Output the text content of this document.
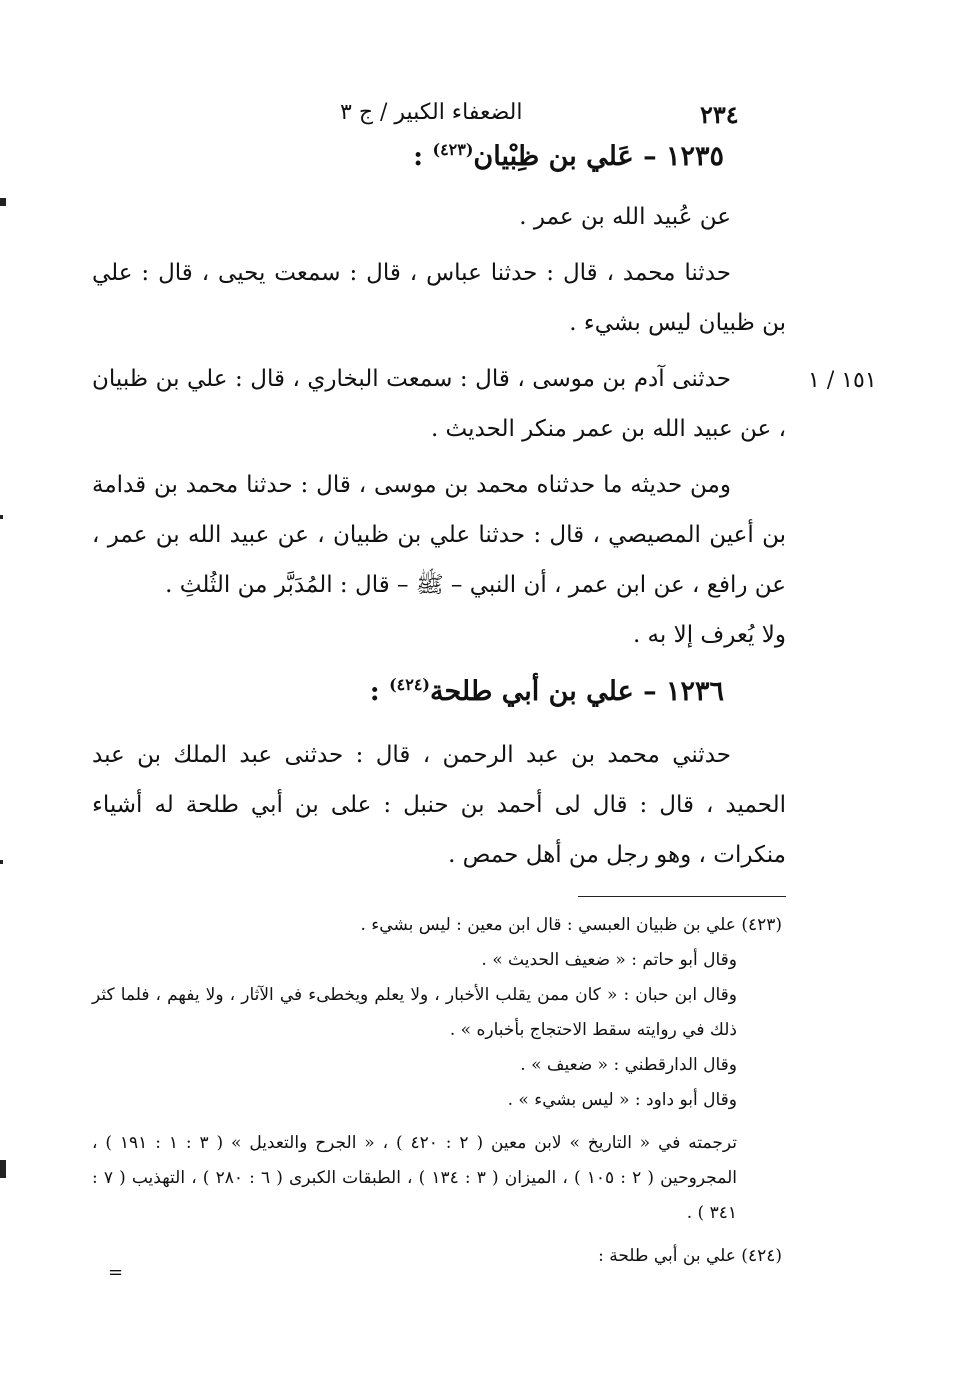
٢٣٤
الضعفاء الكبير / ج ٣
١٥١ / ١
١٢٣٥ – عَلي بن ظِبْيان$^{(٤٢٣)}$ :

عن عُبيد الله بن عمر .

حدثنا محمد ، قال : حدثنا عباس ، قال : سمعت يحيى ، قال : علي بن ظبيان ليس بشيء .

حدثنى آدم بن موسى ، قال : سمعت البخاري ، قال : علي بن ظبيان ، عن عبيد الله بن عمر منكر الحديث .

ومن حديثه ما حدثناه محمد بن موسى ، قال : حدثنا محمد بن قدامة بن أعين المصيصي ، قال : حدثنا علي بن ظبيان ، عن عبيد الله بن عمر ، عن رافع ، عن ابن عمر ، أن النبي – ﷺ – قال : المُدَبَّر من الثُلثِ .

ولا يُعرف إلا به .

١٢٣٦ – علي بن أبي طلحة$^{(٤٢٤)}$ :

حدثني محمد بن عبد الرحمن ، قال : حدثنى عبد الملك بن عبد الحميد ، قال : قال لى أحمد بن حنبل : على بن أبي طلحة له أشياء منكرات ، وهو رجل من أهل حمص .

(٤٢٣) علي بن ظبيان العبسي : قال ابن معين : ليس بشيء .

وقال أبو حاتم : « ضعيف الحديث » .

وقال ابن حبان : « كان ممن يقلب الأخبار ، ولا يعلم ويخطىء في الآثار ، ولا يفهم ، فلما كثر ذلك في روايته سقط الاحتجاج بأخباره » .

وقال الدارقطني : « ضعيف » .

وقال أبو داود : « ليس بشيء » .

ترجمته في « التاريخ » لابن معين ( ٢ : ٤٢٠ ) ، « الجرح والتعديل » ( ٣ : ١ : ١٩١ ) ، المجروحين ( ٢ : ١٠٥ ) ، الميزان ( ٣ : ١٣٤ ) ، الطبقات الكبرى ( ٦ : ٢٨٠ ) ، التهذيب ( ٧ : ٣٤١ ) .

(٤٢٤) علي بن أبي طلحة :

=
